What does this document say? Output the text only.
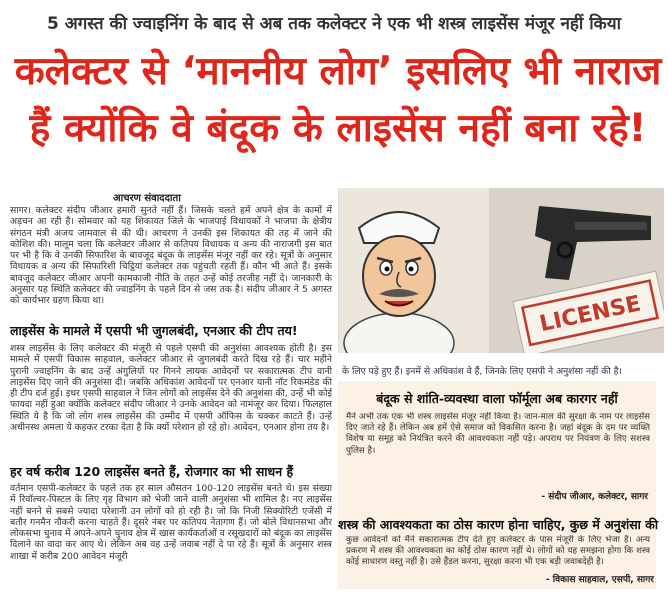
5 अगस्त की ज्वाइनिंग के बाद से अब तक कलेक्टर ने एक भी शस्त्र लाइसेंस मंजूर नहीं किया
कलेक्टर से ‘माननीय लोग’ इसलिए भी नाराज
हैं क्योंकि वे बंदूक के लाइसेंस नहीं बना रहे!
आचरण संवाददाता
सागर। कलेक्टर संदीप जीआर हमारी सुनते नहीं हैं। जिसके चलते हमें अपने क्षेत्र के कामों में अड़चन आ रही है। सोमवार को यह शिकायत जिले के भाजपाई विधायकों ने भाजपा के क्षेत्रीय संगठन मंत्री अजय जामवाल से की थी। आचरण ने उनकी इस शिकायत की तह में जाने की कोशिश की। मालूम चला कि कलेक्टर जीआर से कतिपय विधायक व अन्य की नाराजगी इस बात पर भी है कि वे उनकी सिफारिश के बावजूद बंदूक के लाइसेंस मंजूर नहीं कर रहे। सूत्रों के अनुसार विधायक व अन्य की सिफारिशी चिट्ठियां कलेक्टर तक पहुंचती रहती हैं। कौन भी आते हैं। इसके बावजूद कलेक्टर जीआर अपनी कामकाजी नीति के तहत उन्हें कोई तरजीह नहीं दे। जानकारी के अनुसार यह स्थिति कलेक्टर की ज्वाइनिंग के पहले दिन से जस तक है। संदीप जीआर ने 5 अगस्त को कार्यभार ग्रहण किया था।
लाइसेंस के मामले में एसपी भी जुगलबंदी, एनआर की टीप तय!
शस्त्र लाइसेंस के लिए कलेक्टर की मंजूरी से पहले एसपी की अनुशंसा आवश्यक होती है। इस मामले में एसपी विकास साहवाल, कलेक्टर जीआर से जुगलबंदी करते दिख रहे हैं। चार महीने पुरानी ज्वाइनिंग के बाद उन्हें अंगुलियों पर गिनने लायक आवेदनों पर सकारात्मक टीप वानी लाइसेंस दिए जाने की अनुशंसा दी। जबकि अधिकांश आवेदनों पर एनआर यानी नॉट रिकमंडेड की ही टीप दर्ज हुई। इधर एसपी साहवाल ने जिन लोगों को लाइसेंस देने की अनुशंसा की, उन्हें भी कोई फायदा नहीं हुआ क्योंकि कलेक्टर संदीप जीआर ने उनके आवेदन को नामंजूर कर दिया। फिलहाल स्थिति ये है कि जो लोग शस्त्र लाइसेंस की उम्मीद में एसपी ऑफिस के चक्कर काटते हैं। उन्हें अधीनस्थ अमला ये कहकर टरका देता है कि क्यों परेशान हो रहे हो। आवेदन, एनआर होना तय है।
हर वर्ष करीब 120 लाइसेंस बनते हैं, रोजगार का भी साधन हैं
वर्तमान एसपी-कलेक्टर के पहले तक हर साल औसतन 100-120 लाइसेंस बनते थे। इस संख्या में रिवॉल्वर-पिस्टल के लिए गृह विभाग को भेजी जाने वाली अनुशंसा भी शामिल है। नए लाइसेंस नहीं बनने से सबसे ज्यादा परेशानी उन लोगों को हो रही है। जो कि निजी सिक्योरिटी एजेंसी में बतौर गनमैन नौकरी करना चाहते हैं। दूसरे नंबर पर कतिपय नेतागण हैं। जो बोले विधानसभा और लोकसभा चुनाव में अपने-अपने चुनाव क्षेत्र में खास कार्यकर्ताओं व रसूखदारों को बंदूक का लाइसेंस दिलाने का वादा कर आए थे। लेकिन अब वह उन्हें जवाब नहीं दे पा रहे हैं। सूत्रों के अनुसार शस्त्र शाखा में करीब 200 आवेदन मंजूरी
LICENSE
के लिए पड़े हुए हैं। इनमें से अधिकांश वे हैं, जिनके लिए एसपी ने अनुशंसा नहीं की है।
बंदूक से शांति-व्यवस्था वाला फॉर्मूला अब कारगर नहीं
मैंने अभी तक एक भी शस्त्र लाइसेंस मंजूर नहीं किया है। जान-माल की सुरक्षा के नाम पर लाइसेंस दिए जाते रहे हैं। लेकिन अब हमें ऐसे समाज को विकसित करना है। जहां बंदूक के दम पर व्यक्ति विशेष या समूह को नियंत्रित करने की आवश्यकता नहीं पड़े। अपराध पर नियंत्रण के लिए सशस्त्र पुलिस है।
- संदीप जीआर, कलेक्टर, सागर
शस्त्र की आवश्यकता का ठोस कारण होना चाहिए, कुछ में अनुशंसा की
कुछ आवेदनों को मैंने सकारात्मक टीप देते हुए कलेक्टर के पास मंजूरी के लिए भेजा है। अन्य प्रकरण में शस्त्र की आवश्यकता का कोई ठोस कारण नहीं थे। लोगों को यह समझना होगा कि शस्त्र कोई साधारण वस्तु नहीं है। उसे हैंडल करना, सुरक्षा करना भी एक बड़ी जवाबदेही है।
- विकास साहवाल, एसपी, सागर
